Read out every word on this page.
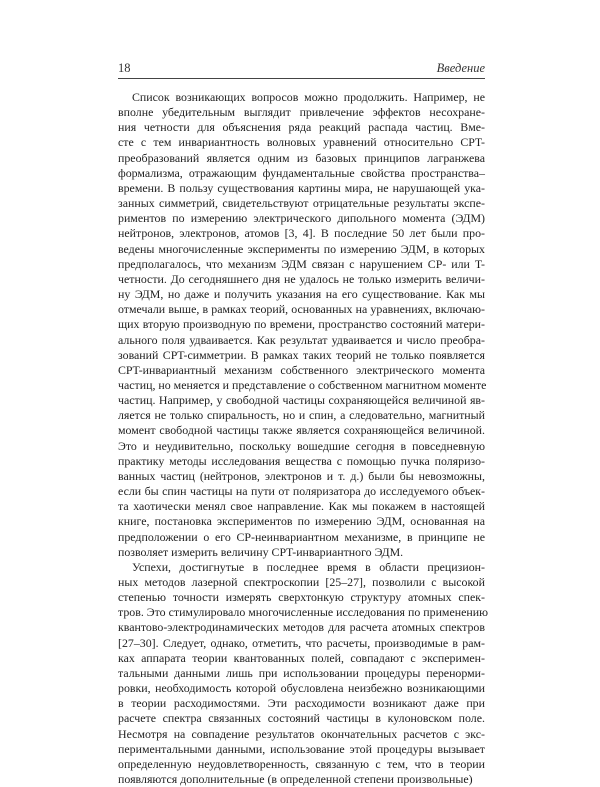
18	Введение

Список возникающих вопросов можно продолжить. Например, не
вполне убедительным выглядит привлечение эффектов несохране-
ния четности для объяснения ряда реакций распада частиц. Вме-
сте с тем инвариантность волновых уравнений относительно CPT-
преобразований является одним из базовых принципов лагранжева
формализма, отражающим фундаментальные свойства пространства–
времени. В пользу существования картины мира, не нарушающей ука-
занных симметрий, свидетельствуют отрицательные результаты экспе-
риментов по измерению электрического дипольного момента (ЭДМ)
нейтронов, электронов, атомов [3, 4]. В последние 50 лет были про-
ведены многочисленные эксперименты по измерению ЭДМ, в которых
предполагалось, что механизм ЭДМ связан с нарушением CP- или T-
четности. До сегодняшнего дня не удалось не только измерить величи-
ну ЭДМ, но даже и получить указания на его существование. Как мы
отмечали выше, в рамках теорий, основанных на уравнениях, включаю-
щих вторую производную по времени, пространство состояний матери-
ального поля удваивается. Как результат удваивается и число преобра-
зований CPT-симметрии. В рамках таких теорий не только появляется
CPT-инвариантный механизм собственного электрического момента
частиц, но меняется и представление о собственном магнитном моменте
частиц. Например, у свободной частицы сохраняющейся величиной яв-
ляется не только спиральность, но и спин, а следовательно, магнитный
момент свободной частицы также является сохраняющейся величиной.
Это и неудивительно, поскольку вошедшие сегодня в повседневную
практику методы исследования вещества с помощью пучка поляризо-
ванных частиц (нейтронов, электронов и т. д.) были бы невозможны,
если бы спин частицы на пути от поляризатора до исследуемого объек-
та хаотически менял свое направление. Как мы покажем в настоящей
книге, постановка экспериментов по измерению ЭДМ, основанная на
предположении о его CP-неинвариантном механизме, в принципе не
позволяет измерить величину CPT-инвариантного ЭДМ.

Успехи, достигнутые в последнее время в области прецизион-
ных методов лазерной спектроскопии [25–27], позволили с высокой
степенью точности измерять сверхтонкую структуру атомных спек-
тров. Это стимулировало многочисленные исследования по применению
квантово-электродинамических методов для расчета атомных спектров
[27–30]. Следует, однако, отметить, что расчеты, производимые в рам-
ках аппарата теории квантованных полей, совпадают с эксперимен-
тальными данными лишь при использовании процедуры перенорми-
ровки, необходимость которой обусловлена неизбежно возникающими
в теории расходимостями. Эти расходимости возникают даже при
расчете спектра связанных состояний частицы в кулоновском поле.
Несмотря на совпадение результатов окончательных расчетов с экс-
периментальными данными, использование этой процедуры вызывает
определенную неудовлетворенность, связанную с тем, что в теории
появляются дополнительные (в определенной степени произвольные)
